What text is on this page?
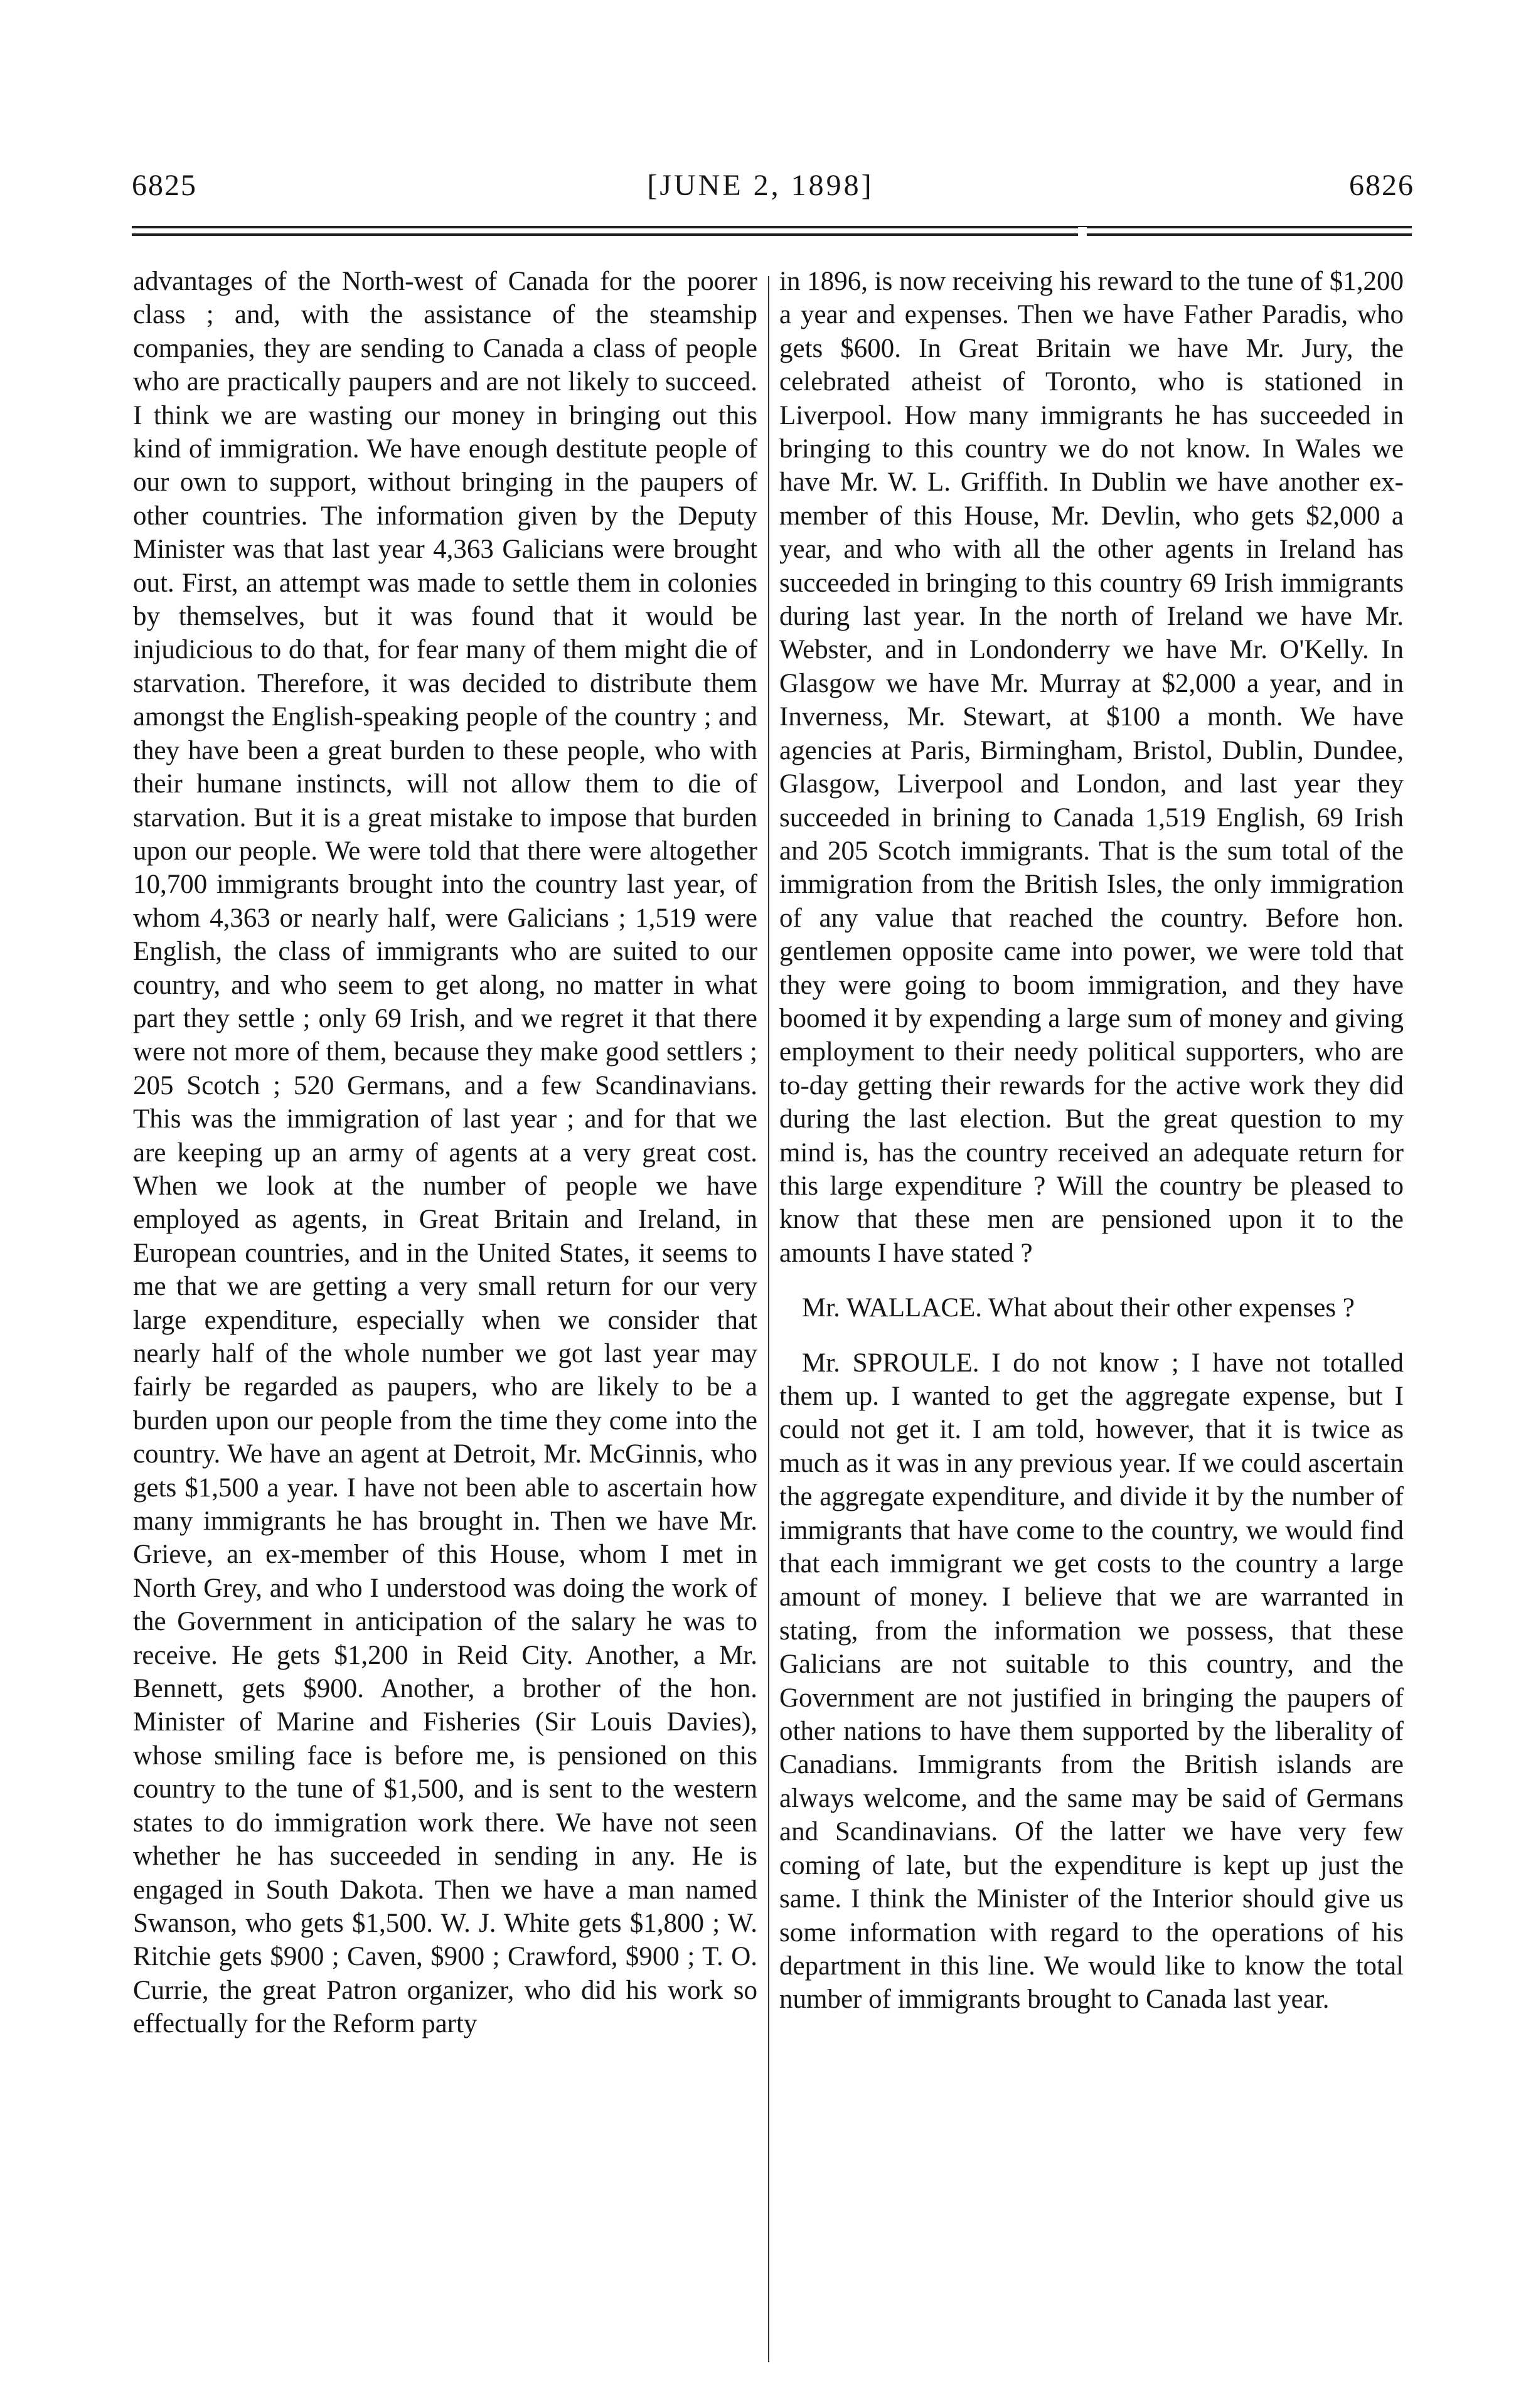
6825	[JUNE 2, 1898]	6826

advantages of the North-west of Canada for the poorer class ; and, with the assistance of the steamship companies, they are sending to Canada a class of people who are practically paupers and are not likely to succeed. I think we are wasting our money in bringing out this kind of immigration. We have enough destitute people of our own to support, without bringing in the paupers of other countries. The information given by the Deputy Minister was that last year 4,363 Galicians were brought out. First, an attempt was made to settle them in colonies by themselves, but it was found that it would be injudicious to do that, for fear many of them might die of starvation. Therefore, it was decided to distribute them amongst the English-speaking people of the country ; and they have been a great burden to these people, who with their humane instincts, will not allow them to die of starvation. But it is a great mistake to impose that burden upon our people. We were told that there were altogether 10,700 immigrants brought into the country last year, of whom 4,363 or nearly half, were Galicians ; 1,519 were English, the class of immigrants who are suited to our country, and who seem to get along, no matter in what part they settle ; only 69 Irish, and we regret it that there were not more of them, because they make good settlers ; 205 Scotch ; 520 Germans, and a few Scandinavians. This was the immigration of last year ; and for that we are keeping up an army of agents at a very great cost. When we look at the number of people we have employed as agents, in Great Britain and Ireland, in European countries, and in the United States, it seems to me that we are getting a very small return for our very large expenditure, especially when we consider that nearly half of the whole number we got last year may fairly be regarded as paupers, who are likely to be a burden upon our people from the time they come into the country. We have an agent at Detroit, Mr. McGinnis, who gets $1,500 a year. I have not been able to ascertain how many immigrants he has brought in. Then we have Mr. Grieve, an ex-member of this House, whom I met in North Grey, and who I understood was doing the work of the Government in anticipation of the salary he was to receive. He gets $1,200 in Reid City. Another, a Mr. Bennett, gets $900. Another, a brother of the hon. Minister of Marine and Fisheries (Sir Louis Davies), whose smiling face is before me, is pensioned on this country to the tune of $1,500, and is sent to the western states to do immigration work there. We have not seen whether he has succeeded in sending in any. He is engaged in South Dakota. Then we have a man named Swanson, who gets $1,500. W. J. White gets $1,800 ; W. Ritchie gets $900 ; Caven, $900 ; Crawford, $900 ; T. O. Currie, the great Patron organizer, who did his work so effectually for the Reform party

in 1896, is now receiving his reward to the tune of $1,200 a year and expenses. Then we have Father Paradis, who gets $600. In Great Britain we have Mr. Jury, the celebrated atheist of Toronto, who is stationed in Liverpool. How many immigrants he has succeeded in bringing to this country we do not know. In Wales we have Mr. W. L. Griffith. In Dublin we have another ex-member of this House, Mr. Devlin, who gets $2,000 a year, and who with all the other agents in Ireland has succeeded in bringing to this country 69 Irish immigrants during last year. In the north of Ireland we have Mr. Webster, and in Londonderry we have Mr. O'Kelly. In Glasgow we have Mr. Murray at $2,000 a year, and in Inverness, Mr. Stewart, at $100 a month. We have agencies at Paris, Birmingham, Bristol, Dublin, Dundee, Glasgow, Liverpool and London, and last year they succeeded in brining to Canada 1,519 English, 69 Irish and 205 Scotch immigrants. That is the sum total of the immigration from the British Isles, the only immigration of any value that reached the country. Before hon. gentlemen opposite came into power, we were told that they were going to boom immigration, and they have boomed it by expending a large sum of money and giving employment to their needy political supporters, who are to-day getting their rewards for the active work they did during the last election. But the great question to my mind is, has the country received an adequate return for this large expenditure ? Will the country be pleased to know that these men are pensioned upon it to the amounts I have stated ?

Mr. WALLACE. What about their other expenses ?

Mr. SPROULE. I do not know ; I have not totalled them up. I wanted to get the aggregate expense, but I could not get it. I am told, however, that it is twice as much as it was in any previous year. If we could ascertain the aggregate expenditure, and divide it by the number of immigrants that have come to the country, we would find that each immigrant we get costs to the country a large amount of money. I believe that we are warranted in stating, from the information we possess, that these Galicians are not suitable to this country, and the Government are not justified in bringing the paupers of other nations to have them supported by the liberality of Canadians. Immigrants from the British islands are always welcome, and the same may be said of Germans and Scandinavians. Of the latter we have very few coming of late, but the expenditure is kept up just the same. I think the Minister of the Interior should give us some information with regard to the operations of his department in this line. We would like to know the total number of immigrants brought to Canada last year.
